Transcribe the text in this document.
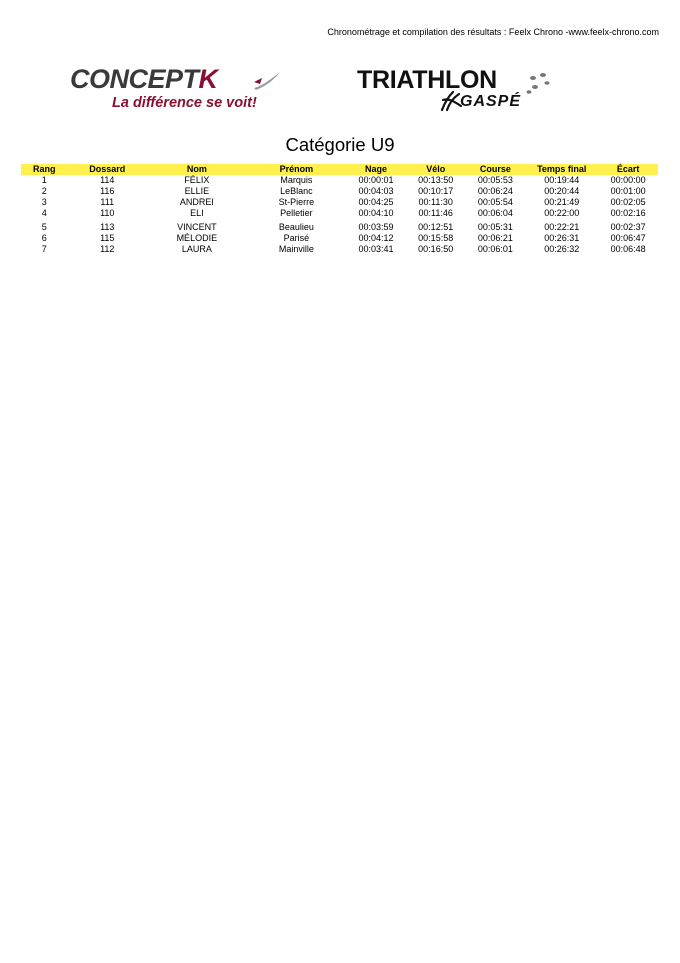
Chronométrage et compilation des résultats : Feelx Chrono -www.feelx-chrono.com
CONCEPTK
La différence se voit!
TRIATHLON
GASPÉ
Catégorie U9
Rang	Dossard	Nom	Prénom	Nage	Vélo	Course	Temps final	Écart
1	114	FÉLIX	Marquis	00:00:01	00:13:50	00:05:53	00:19:44	00:00:00
2	116	ELLIE	LeBlanc	00:04:03	00:10:17	00:06:24	00:20:44	00:01:00
3	111	ANDREI	St-Pierre	00:04:25	00:11:30	00:05:54	00:21:49	00:02:05
4	110	ELI	Pelletier	00:04:10	00:11:46	00:06:04	00:22:00	00:02:16
5	113	VINCENT	Beaulieu	00:03:59	00:12:51	00:05:31	00:22:21	00:02:37
6	115	MÉLODIE	Parisé	00:04:12	00:15:58	00:06:21	00:26:31	00:06:47
7	112	LAURA	Mainville	00:03:41	00:16:50	00:06:01	00:26:32	00:06:48
